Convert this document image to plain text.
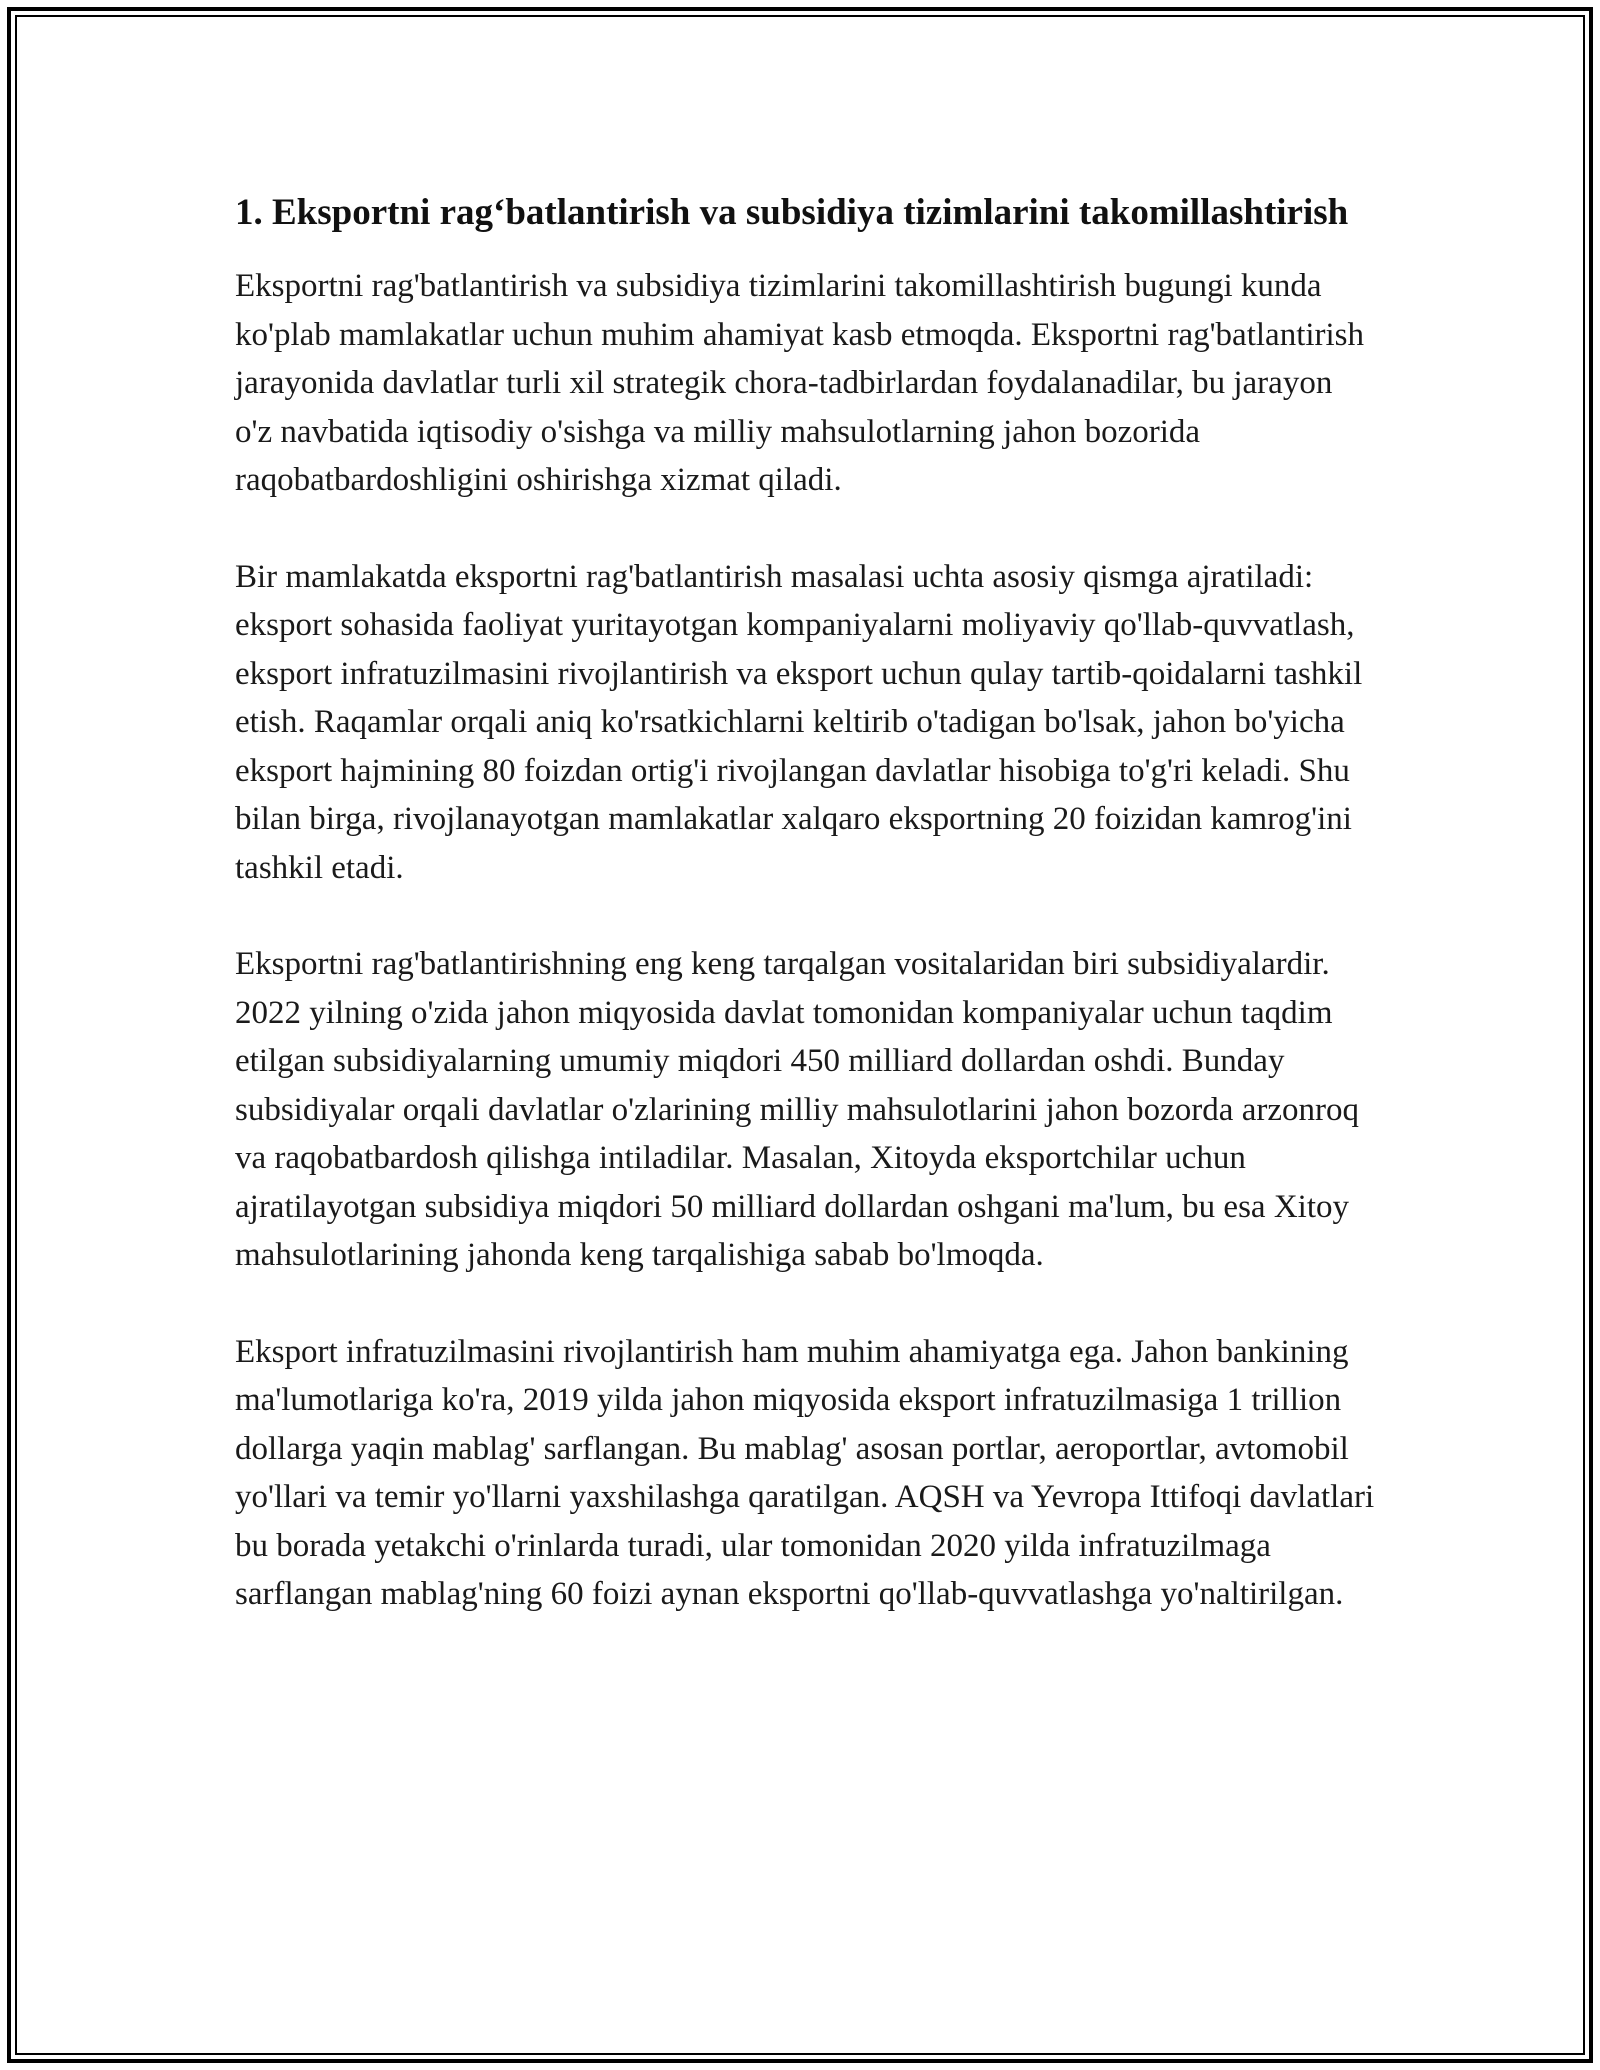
1. Eksportni rag‘batlantirish va subsidiya tizimlarini takomillashtirish

Eksportni rag'batlantirish va subsidiya tizimlarini takomillashtirish bugungi kunda ko'plab mamlakatlar uchun muhim ahamiyat kasb etmoqda. Eksportni rag'batlantirish jarayonida davlatlar turli xil strategik chora-tadbirlardan foydalanadilar, bu jarayon o'z navbatida iqtisodiy o'sishga va milliy mahsulotlarning jahon bozorida raqobatbardoshligini oshirishga xizmat qiladi.

Bir mamlakatda eksportni rag'batlantirish masalasi uchta asosiy qismga ajratiladi: eksport sohasida faoliyat yuritayotgan kompaniyalarni moliyaviy qo'llab-quvvatlash, eksport infratuzilmasini rivojlantirish va eksport uchun qulay tartib-qoidalarni tashkil etish. Raqamlar orqali aniq ko'rsatkichlarni keltirib o'tadigan bo'lsak, jahon bo'yicha eksport hajmining 80 foizdan ortig'i rivojlangan davlatlar hisobiga to'g'ri keladi. Shu bilan birga, rivojlanayotgan mamlakatlar xalqaro eksportning 20 foizidan kamrog'ini tashkil etadi.

Eksportni rag'batlantirishning eng keng tarqalgan vositalaridan biri subsidiyalardir. 2022 yilning o'zida jahon miqyosida davlat tomonidan kompaniyalar uchun taqdim etilgan subsidiyalarning umumiy miqdori 450 milliard dollardan oshdi. Bunday subsidiyalar orqali davlatlar o'zlarining milliy mahsulotlarini jahon bozorda arzonroq va raqobatbardosh qilishga intiladilar. Masalan, Xitoyda eksportchilar uchun ajratilayotgan subsidiya miqdori 50 milliard dollardan oshgani ma'lum, bu esa Xitoy mahsulotlarining jahonda keng tarqalishiga sabab bo'lmoqda.

Eksport infratuzilmasini rivojlantirish ham muhim ahamiyatga ega. Jahon bankining ma'lumotlariga ko'ra, 2019 yilda jahon miqyosida eksport infratuzilmasiga 1 trillion dollarga yaqin mablag' sarflangan. Bu mablag' asosan portlar, aeroportlar, avtomobil yo'llari va temir yo'llarni yaxshilashga qaratilgan. AQSH va Yevropa Ittifoqi davlatlari bu borada yetakchi o'rinlarda turadi, ular tomonidan 2020 yilda infratuzilmaga sarflangan mablag'ning 60 foizi aynan eksportni qo'llab-quvvatlashga yo'naltirilgan.
